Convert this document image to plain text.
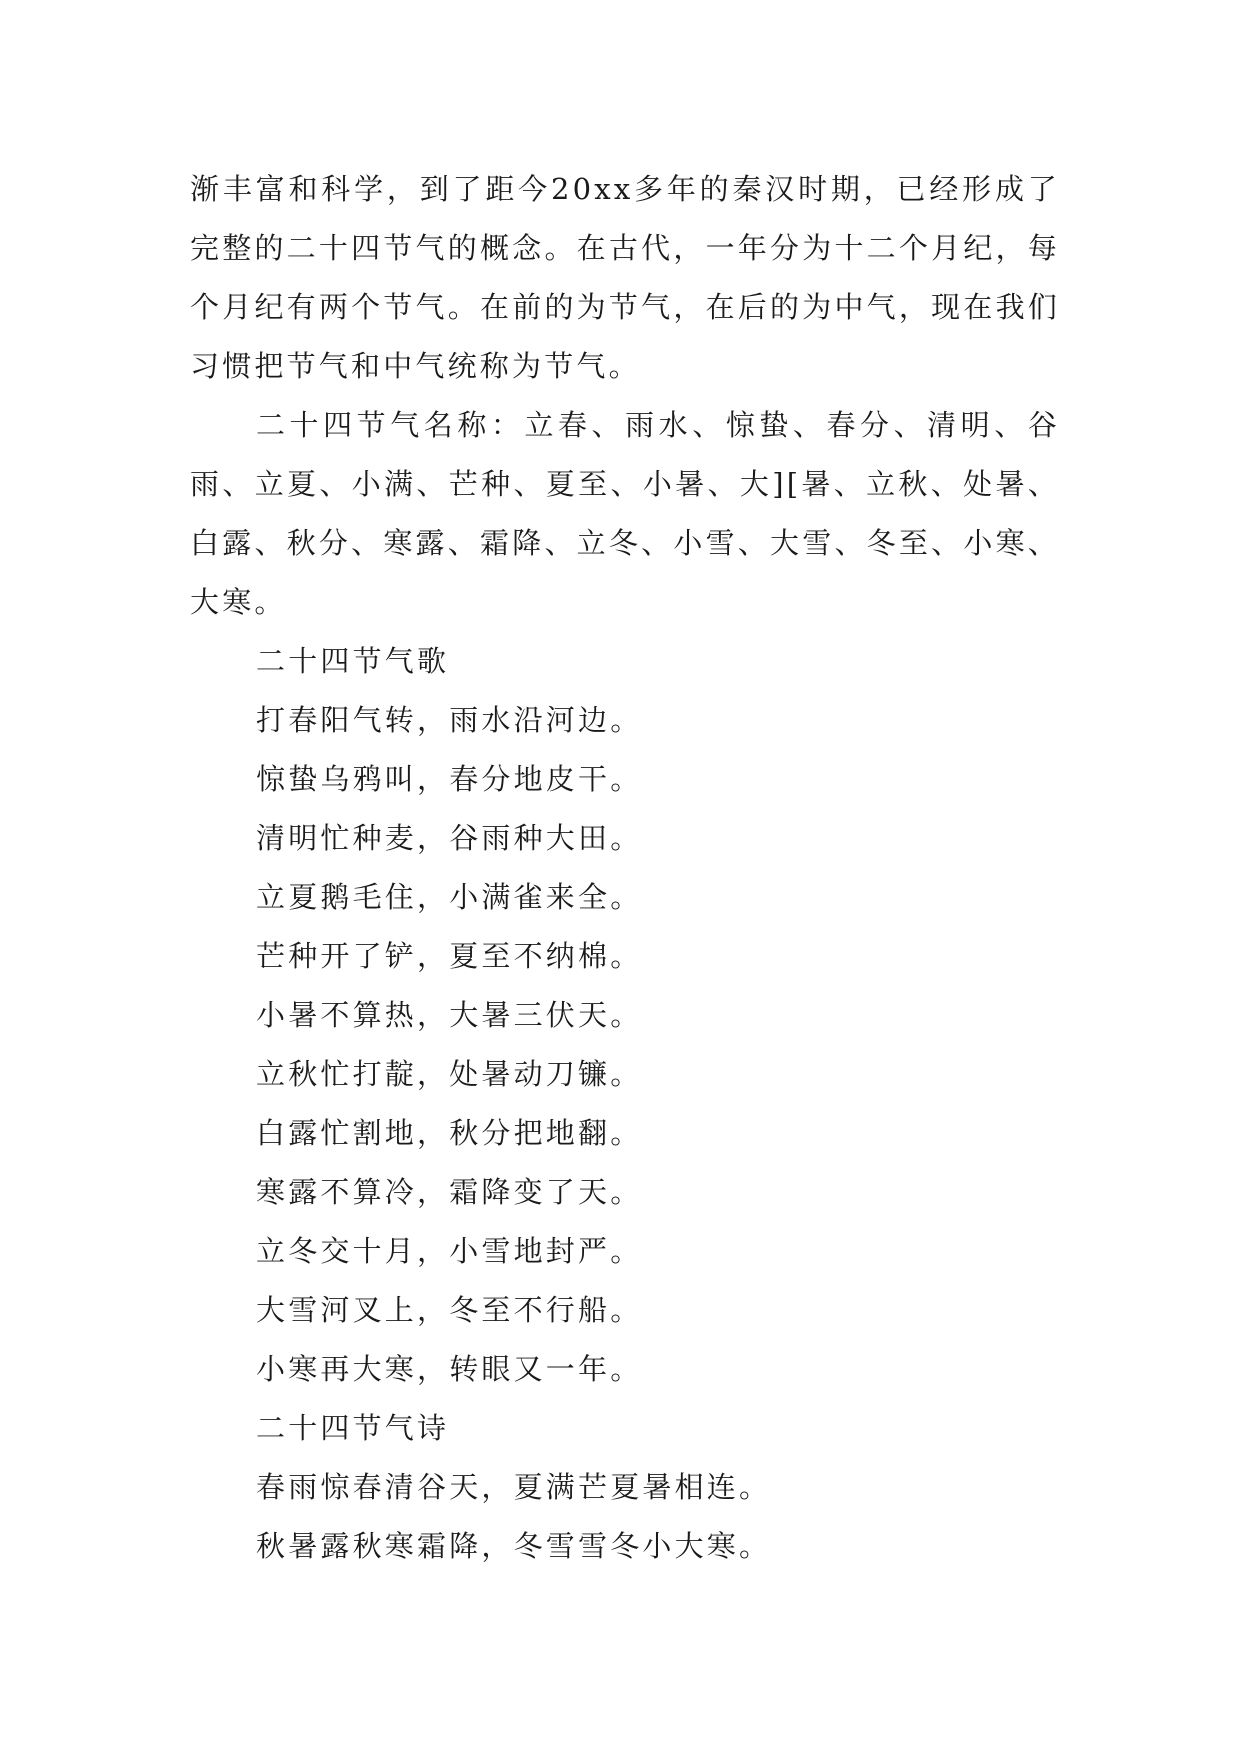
渐丰富和科学，到了距今20xx多年的秦汉时期，已经形成了完整的二十四节气的概念。在古代，一年分为十二个月纪，每个月纪有两个节气。在前的为节气，在后的为中气，现在我们习惯把节气和中气统称为节气。

二十四节气名称：立春、雨水、惊蛰、春分、清明、谷雨、立夏、小满、芒种、夏至、小暑、大][暑、立秋、处暑、白露、秋分、寒露、霜降、立冬、小雪、大雪、冬至、小寒、大寒。

二十四节气歌

打春阳气转，雨水沿河边。

惊蛰乌鸦叫，春分地皮干。

清明忙种麦，谷雨种大田。

立夏鹅毛住，小满雀来全。

芒种开了铲，夏至不纳棉。

小暑不算热，大暑三伏天。

立秋忙打靛，处暑动刀镰。

白露忙割地，秋分把地翻。

寒露不算冷，霜降变了天。

立冬交十月，小雪地封严。

大雪河叉上，冬至不行船。

小寒再大寒，转眼又一年。

二十四节气诗

春雨惊春清谷天，夏满芒夏暑相连。

秋暑露秋寒霜降，冬雪雪冬小大寒。
